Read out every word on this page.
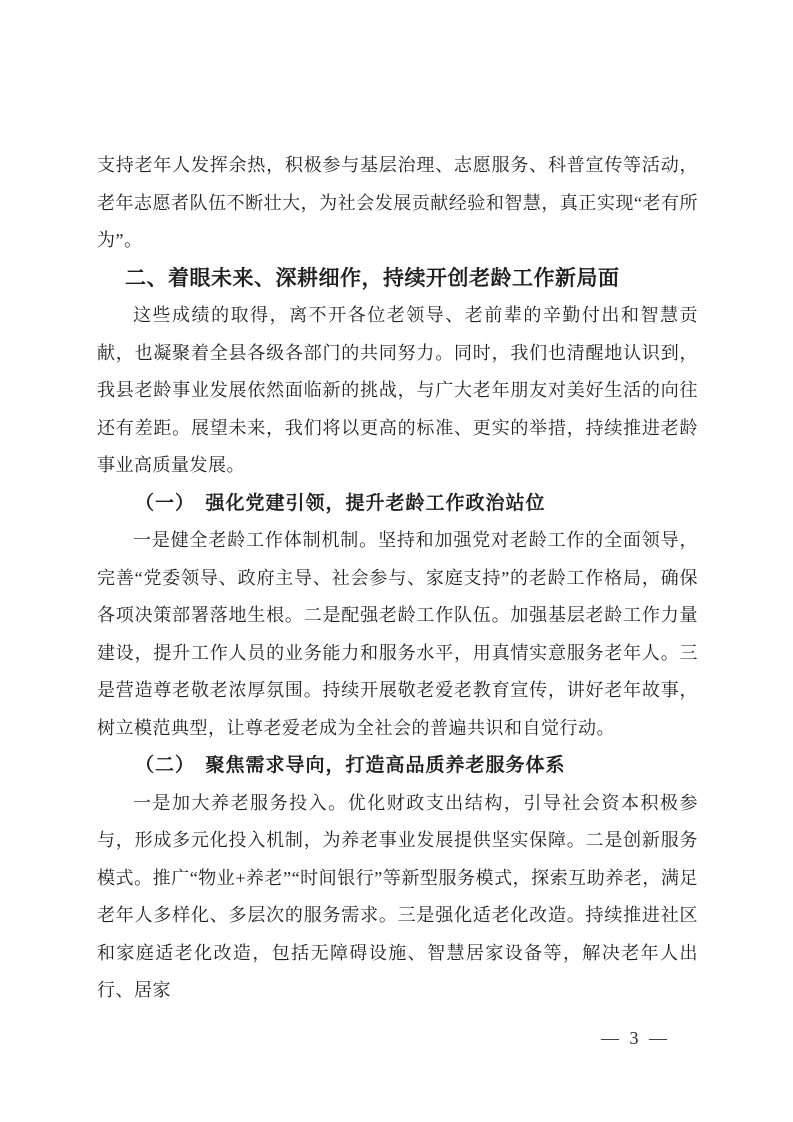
支持老年人发挥余热，积极参与基层治理、志愿服务、科普宣传等活动，老年志愿者队伍不断壮大，为社会发展贡献经验和智慧，真正实现“老有所为”。

二、着眼未来、深耕细作，持续开创老龄工作新局面

这些成绩的取得，离不开各位老领导、老前辈的辛勤付出和智慧贡献，也凝聚着全县各级各部门的共同努力。同时，我们也清醒地认识到，我县老龄事业发展依然面临新的挑战，与广大老年朋友对美好生活的向往还有差距。展望未来，我们将以更高的标准、更实的举措，持续推进老龄事业高质量发展。

（一）　强化党建引领，提升老龄工作政治站位

一是健全老龄工作体制机制。坚持和加强党对老龄工作的全面领导，完善“党委领导、政府主导、社会参与、家庭支持”的老龄工作格局，确保各项决策部署落地生根。二是配强老龄工作队伍。加强基层老龄工作力量建设，提升工作人员的业务能力和服务水平，用真情实意服务老年人。三是营造尊老敬老浓厚氛围。持续开展敬老爱老教育宣传，讲好老年故事，树立模范典型，让尊老爱老成为全社会的普遍共识和自觉行动。

（二）　聚焦需求导向，打造高品质养老服务体系

一是加大养老服务投入。优化财政支出结构，引导社会资本积极参与，形成多元化投入机制，为养老事业发展提供坚实保障。二是创新服务模式。推广“物业+养老”“时间银行”等新型服务模式，探索互助养老，满足老年人多样化、多层次的服务需求。三是强化适老化改造。持续推进社区和家庭适老化改造，包括无障碍设施、智慧居家设备等，解决老年人出行、居家

— 3 —
